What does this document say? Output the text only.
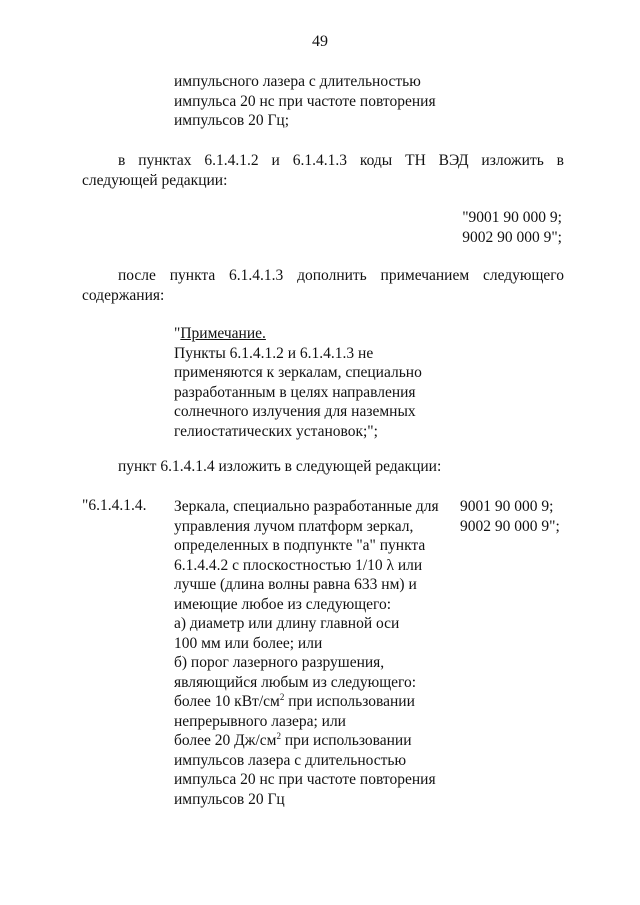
49
импульсного лазера с длительностью
импульса 20 нс при частоте повторения
импульсов 20 Гц;
в пунктах 6.1.4.1.2 и 6.1.4.1.3 коды ТН ВЭД изложить в
следующей редакции:
"9001 90 000 9;
9002 90 000 9";
после пункта 6.1.4.1.3 дополнить примечанием следующего
содержания:
"Примечание.
Пункты 6.1.4.1.2 и 6.1.4.1.3 не
применяются к зеркалам, специально
разработанным в целях направления
солнечного излучения для наземных
гелиостатических установок;";
пункт 6.1.4.1.4 изложить в следующей редакции:
"6.1.4.1.4. Зеркала, специально разработанные для
управления лучом платформ зеркал,
определенных в подпункте "а" пункта
6.1.4.4.2 с плоскостностью 1/10 λ или
лучше (длина волны равна 633 нм) и
имеющие любое из следующего:
а) диаметр или длину главной оси
100 мм или более; или
б) порог лазерного разрушения,
являющийся любым из следующего:
более 10 кВт/$см^2$ при использовании
непрерывного лазера; или
более 20 $Дж/см^2$ при использовании
импульсов лазера с длительностью
импульса 20 нс при частоте повторения
импульсов 20 Гц
9001 90 000 9;
9002 90 000 9";
